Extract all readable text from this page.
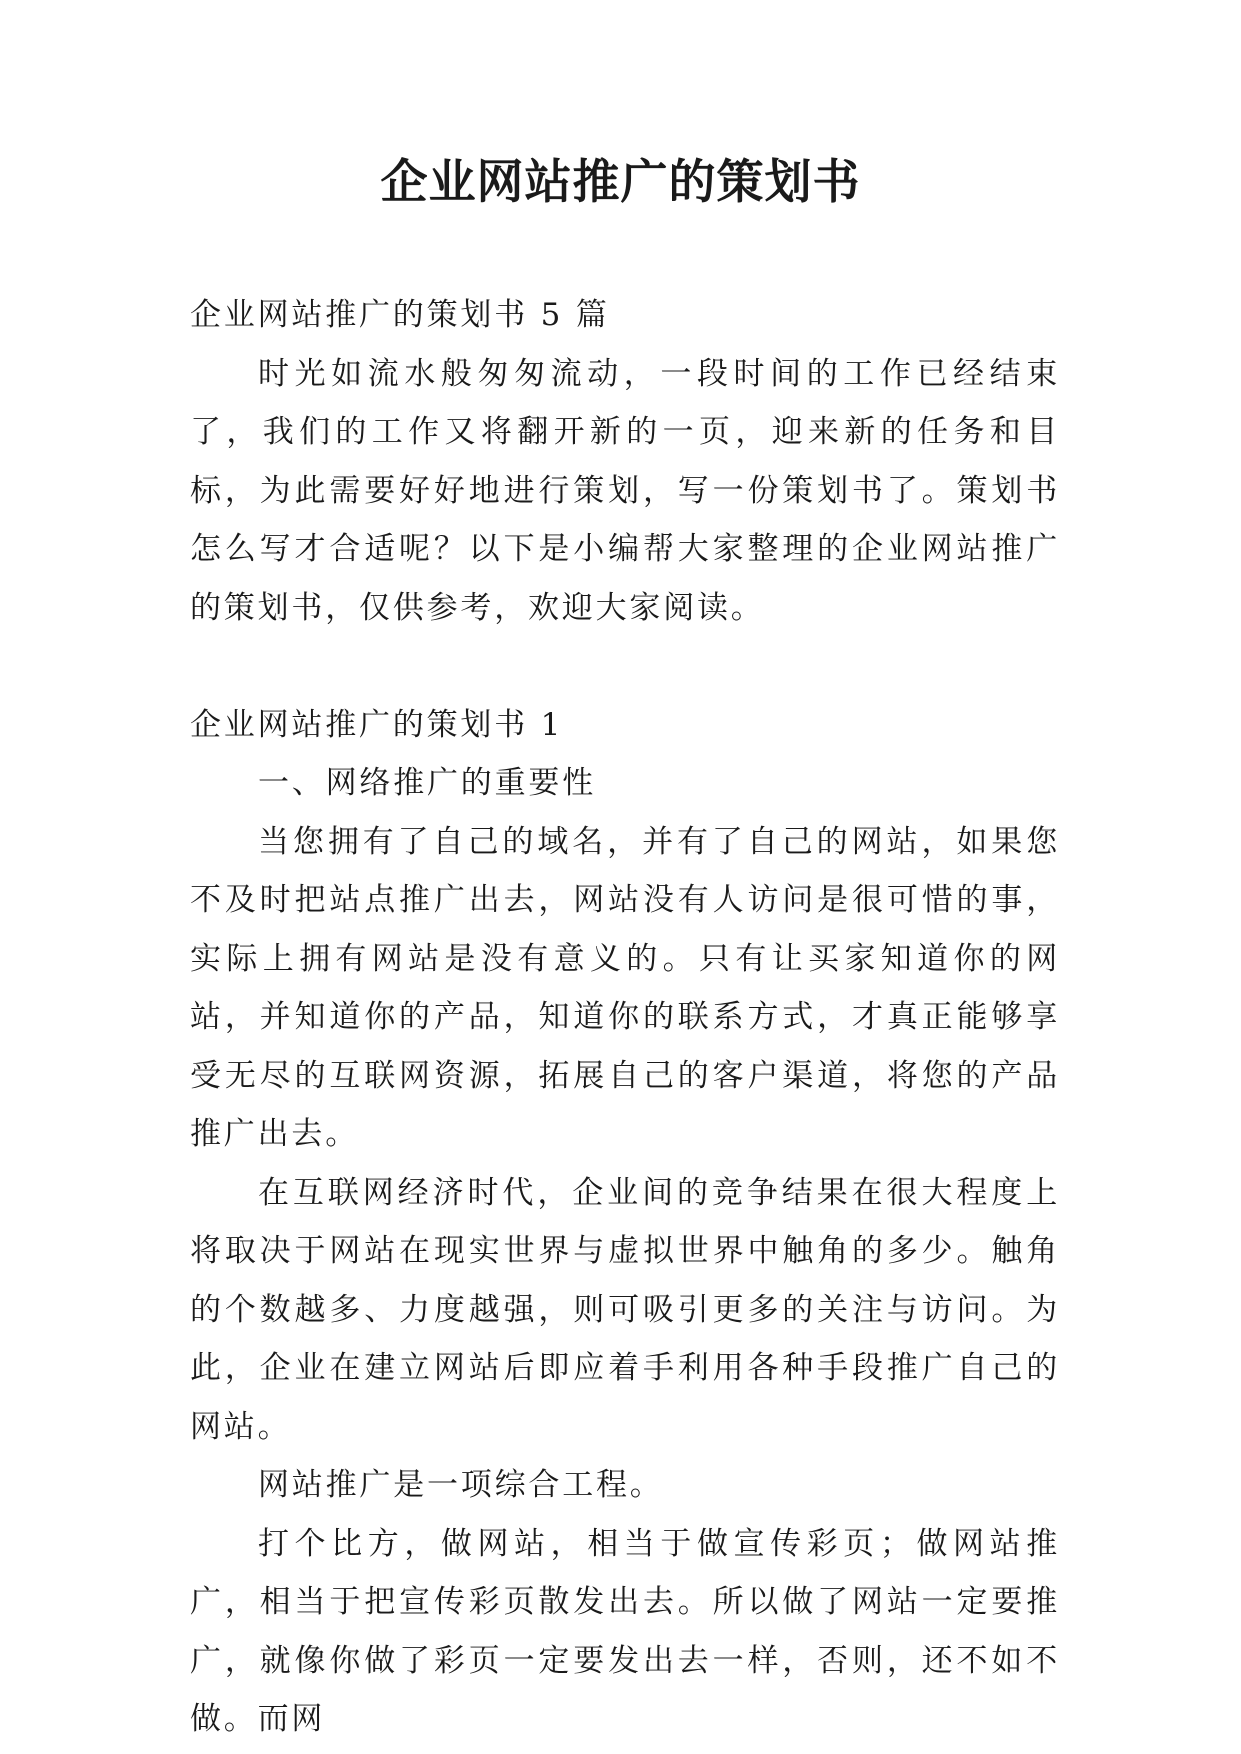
企业网站推广的策划书

企业网站推广的策划书 5 篇

时光如流水般匆匆流动，一段时间的工作已经结束了，我们的工作又将翻开新的一页，迎来新的任务和目标，为此需要好好地进行策划，写一份策划书了。策划书怎么写才合适呢？以下是小编帮大家整理的企业网站推广的策划书，仅供参考，欢迎大家阅读。

企业网站推广的策划书 1

一、网络推广的重要性

当您拥有了自己的域名，并有了自己的网站，如果您不及时把站点推广出去，网站没有人访问是很可惜的事，实际上拥有网站是没有意义的。只有让买家知道你的网站，并知道你的产品，知道你的联系方式，才真正能够享受无尽的互联网资源，拓展自己的客户渠道，将您的产品推广出去。

在互联网经济时代，企业间的竞争结果在很大程度上将取决于网站在现实世界与虚拟世界中触角的多少。触角的个数越多、力度越强，则可吸引更多的关注与访问。为此，企业在建立网站后即应着手利用各种手段推广自己的网站。

网站推广是一项综合工程。

打个比方，做网站，相当于做宣传彩页；做网站推广，相当于把宣传彩页散发出去。所以做了网站一定要推广，就像你做了彩页一定要发出去一样，否则，还不如不做。而网
